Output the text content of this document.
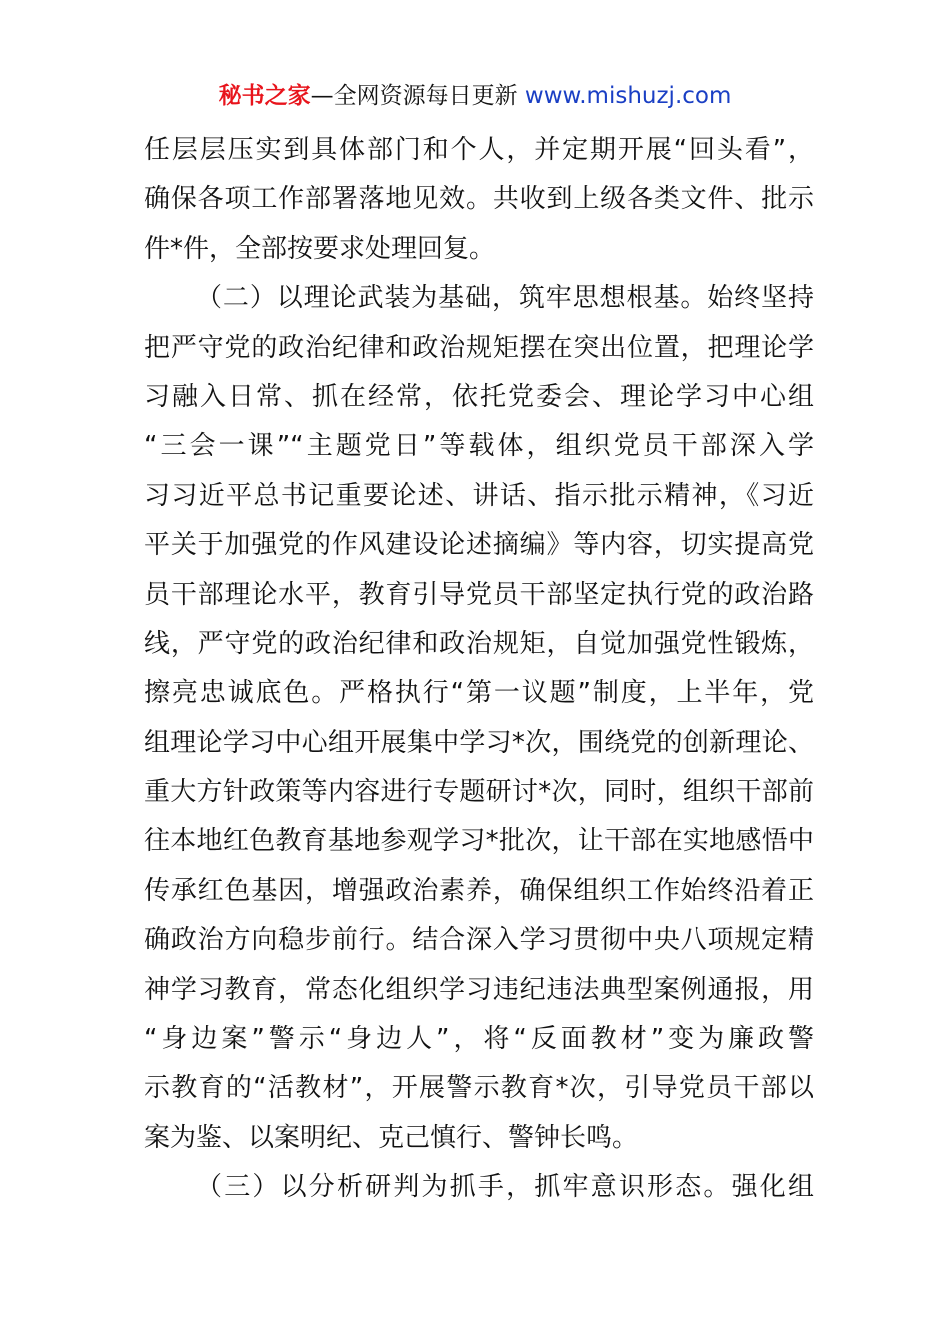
秘书之家—全网资源每日更新 www.mishuzj.com
任层层压实到具体部门和个人，并定期开展“回头看”，
确保各项工作部署落地见效。共收到上级各类文件、批示
件*件，全部按要求处理回复。
（二）以理论武装为基础，筑牢思想根基。始终坚持
把严守党的政治纪律和政治规矩摆在突出位置，把理论学
习融入日常、抓在经常，依托党委会、理论学习中心组
“三会一课”“主题党日”等载体，组织党员干部深入学
习习近平总书记重要论述、讲话、指示批示精神，《习近
平关于加强党的作风建设论述摘编》等内容，切实提高党
员干部理论水平，教育引导党员干部坚定执行党的政治路
线，严守党的政治纪律和政治规矩，自觉加强党性锻炼，
擦亮忠诚底色。严格执行“第一议题”制度，上半年，党
组理论学习中心组开展集中学习*次，围绕党的创新理论、
重大方针政策等内容进行专题研讨*次，同时，组织干部前
往本地红色教育基地参观学习*批次，让干部在实地感悟中
传承红色基因，增强政治素养，确保组织工作始终沿着正
确政治方向稳步前行。结合深入学习贯彻中央八项规定精
神学习教育，常态化组织学习违纪违法典型案例通报，用
“身边案”警示“身边人”，将“反面教材”变为廉政警
示教育的“活教材”，开展警示教育*次，引导党员干部以
案为鉴、以案明纪、克己慎行、警钟长鸣。
（三）以分析研判为抓手，抓牢意识形态。强化组
